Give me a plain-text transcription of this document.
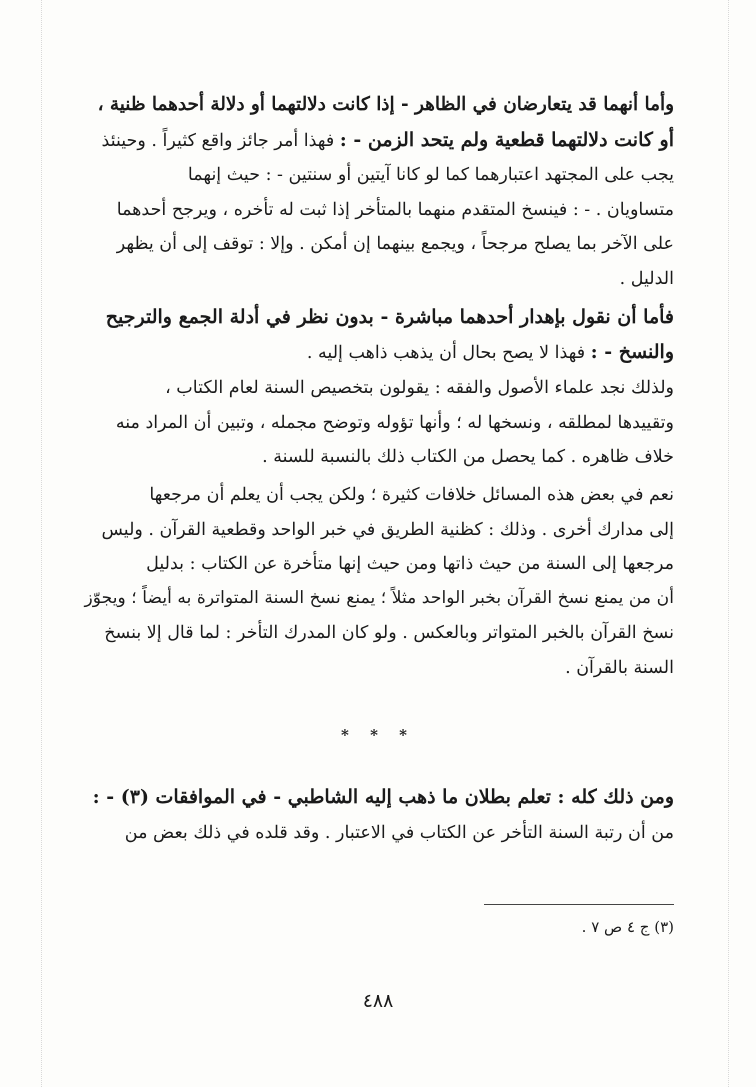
وأما أنهما قد يتعارضان في الظاهر - إذا كانت دلالتهما أو دلالة أحدهما ظنية ،
أو كانت دلالتهما قطعية ولم يتحد الزمن - : فهذا أمر جائز واقع كثيراً . وحينئذ
يجب على المجتهد اعتبارهما كما لو كانا آيتين أو سنتين - : حيث إنهما
متساويان . - : فينسخ المتقدم منهما بالمتأخر إذا ثبت له تأخره ، ويرجح أحدهما
على الآخر بما يصلح مرجحاً ، ويجمع بينهما إن أمكن . وإلا : توقف إلى أن يظهر
الدليل .
فأما أن نقول بإهدار أحدهما مباشرة - بدون نظر في أدلة الجمع والترجيح
والنسخ - : فهذا لا يصح بحال أن يذهب ذاهب إليه .
ولذلك نجد علماء الأصول والفقه : يقولون بتخصيص السنة لعام الكتاب ،
وتقييدها لمطلقه ، ونسخها له ؛ وأنها تؤوله وتوضح مجمله ، وتبين أن المراد منه
خلاف ظاهره . كما يحصل من الكتاب ذلك بالنسبة للسنة .
نعم في بعض هذه المسائل خلافات كثيرة ؛ ولكن يجب أن يعلم أن مرجعها
إلى مدارك أخرى . وذلك : كظنية الطريق في خبر الواحد وقطعية القرآن . وليس
مرجعها إلى السنة من حيث ذاتها ومن حيث إنها متأخرة عن الكتاب : بدليل
أن من يمنع نسخ القرآن بخبر الواحد مثلاً ؛ يمنع نسخ السنة المتواترة به أيضاً ؛ ويجوّز
نسخ القرآن بالخبر المتواتر وبالعكس . ولو كان المدرك التأخر : لما قال إلا بنسخ
السنة بالقرآن .
* * *
ومن ذلك كله : تعلم بطلان ما ذهب إليه الشاطبي - في الموافقات (٣) - :
من أن رتبة السنة التأخر عن الكتاب في الاعتبار . وقد قلده في ذلك بعض من
(٣) ج ٤ ص ٧ .
٤٨٨
